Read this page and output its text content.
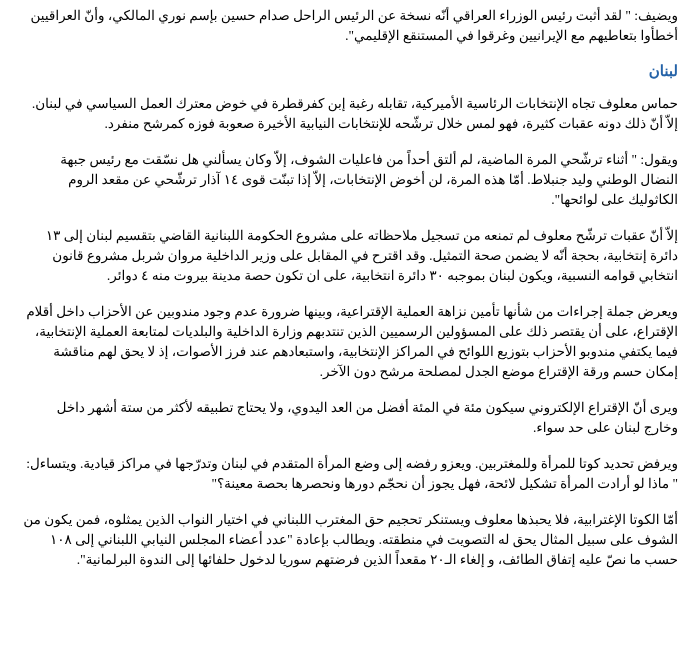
ويضيف: " لقد أثبت رئيس الوزراء العراقي أنّه نسخة عن الرئيس الراحل صدام حسين بإسم نوري المالكي، وأنّ العراقيين أخطأوا بتعاطيهم مع الإيرانيين وغرقوا في المستنقع الإقليمي".

لبنان

حماس معلوف تجاه الإنتخابات الرئاسية الأميركية، تقابله رغبة إبن كفرقطرة في خوض معترك العمل السياسي في لبنان. إلاّ أنّ ذلك دونه عقبات كثيرة، فهو لمس خلال ترشّحه للإنتخابات النيابية الأخيرة صعوبة فوزه كمرشح منفرد.

ويقول: " أثناء ترشّحي المرة الماضية، لم ألتق أحداً من فاعليات الشوف، إلاّ وكان يسألني هل نسّقت مع رئيس جبهة النضال الوطني وليد جنبلاط. أمّا هذه المرة، لن أخوض الإنتخابات، إلاّ إذا تبنّت قوى ١٤ آذار ترشّحي عن مقعد الروم الكاثوليك على لوائحها".

إلاّ أنّ عقبات ترشّح معلوف لم تمنعه من تسجيل ملاحظاته على مشروع الحكومة اللبنانية القاضي بتقسيم لبنان إلى ١٣ دائرة إنتخابية، بحجة أنّه لا يضمن صحة التمثيل. وقد اقترح في المقابل على وزير الداخلية مروان شربل مشروع قانون انتخابي قوامه النسبية، ويكون لبنان بموجبه ٣٠ دائرة انتخابية، على ان تكون حصة مدينة بيروت منه ٤ دوائر.

ويعرض جملة إجراءات من شأنها تأمين نزاهة العملية الإقتراعية، وبينها ضرورة عدم وجود مندوبين عن الأحزاب داخل أقلام الإقتراع، على أن يقتصر ذلك على المسؤولين الرسميين الذين تنتدبهم وزارة الداخلية والبلديات لمتابعة العملية الإنتخابية، فيما يكتفي مندوبو الأحزاب بتوزيع اللوائح في المراكز الإنتخابية، واستبعادهم عند فرز الأصوات، إذ لا يحق لهم مناقشة إمكان حسم ورقة الإقتراع موضع الجدل لمصلحة مرشح دون الآخر.

ويرى أنّ الإقتراع الإلكتروني سيكون مئة في المئة أفضل من العد اليدوي، ولا يحتاج تطبيقه لأكثر من ستة أشهر داخل وخارج لبنان على حد سواء.

ويرفض تحديد كوتا للمرأة وللمغتربين. ويعزو رفضه إلى وضع المرأة المتقدم في لبنان وتدرّجها في مراكز قيادية. ويتساءل: " ماذا لو أرادت المرأة تشكيل لائحة، فهل يجوز أن نحجّم دورها ونحصرها بحصة معينة؟"

أمّا الكوتا الإغترابية، فلا يحبذها معلوف ويستنكر تحجيم حق المغترب اللبناني في اختيار النواب الذين يمثلوه، فمن يكون من الشوف على سبيل المثال يحق له التصويت في منطقته. ويطالب بإعادة "عدد أعضاء المجلس النيابي اللبناني إلى ١٠٨ حسب ما نصّ عليه إتفاق الطائف، و إلغاء الـ٢٠ مقعداً الذين فرضتهم سوريا لدخول حلفائها إلى الندوة البرلمانية".
